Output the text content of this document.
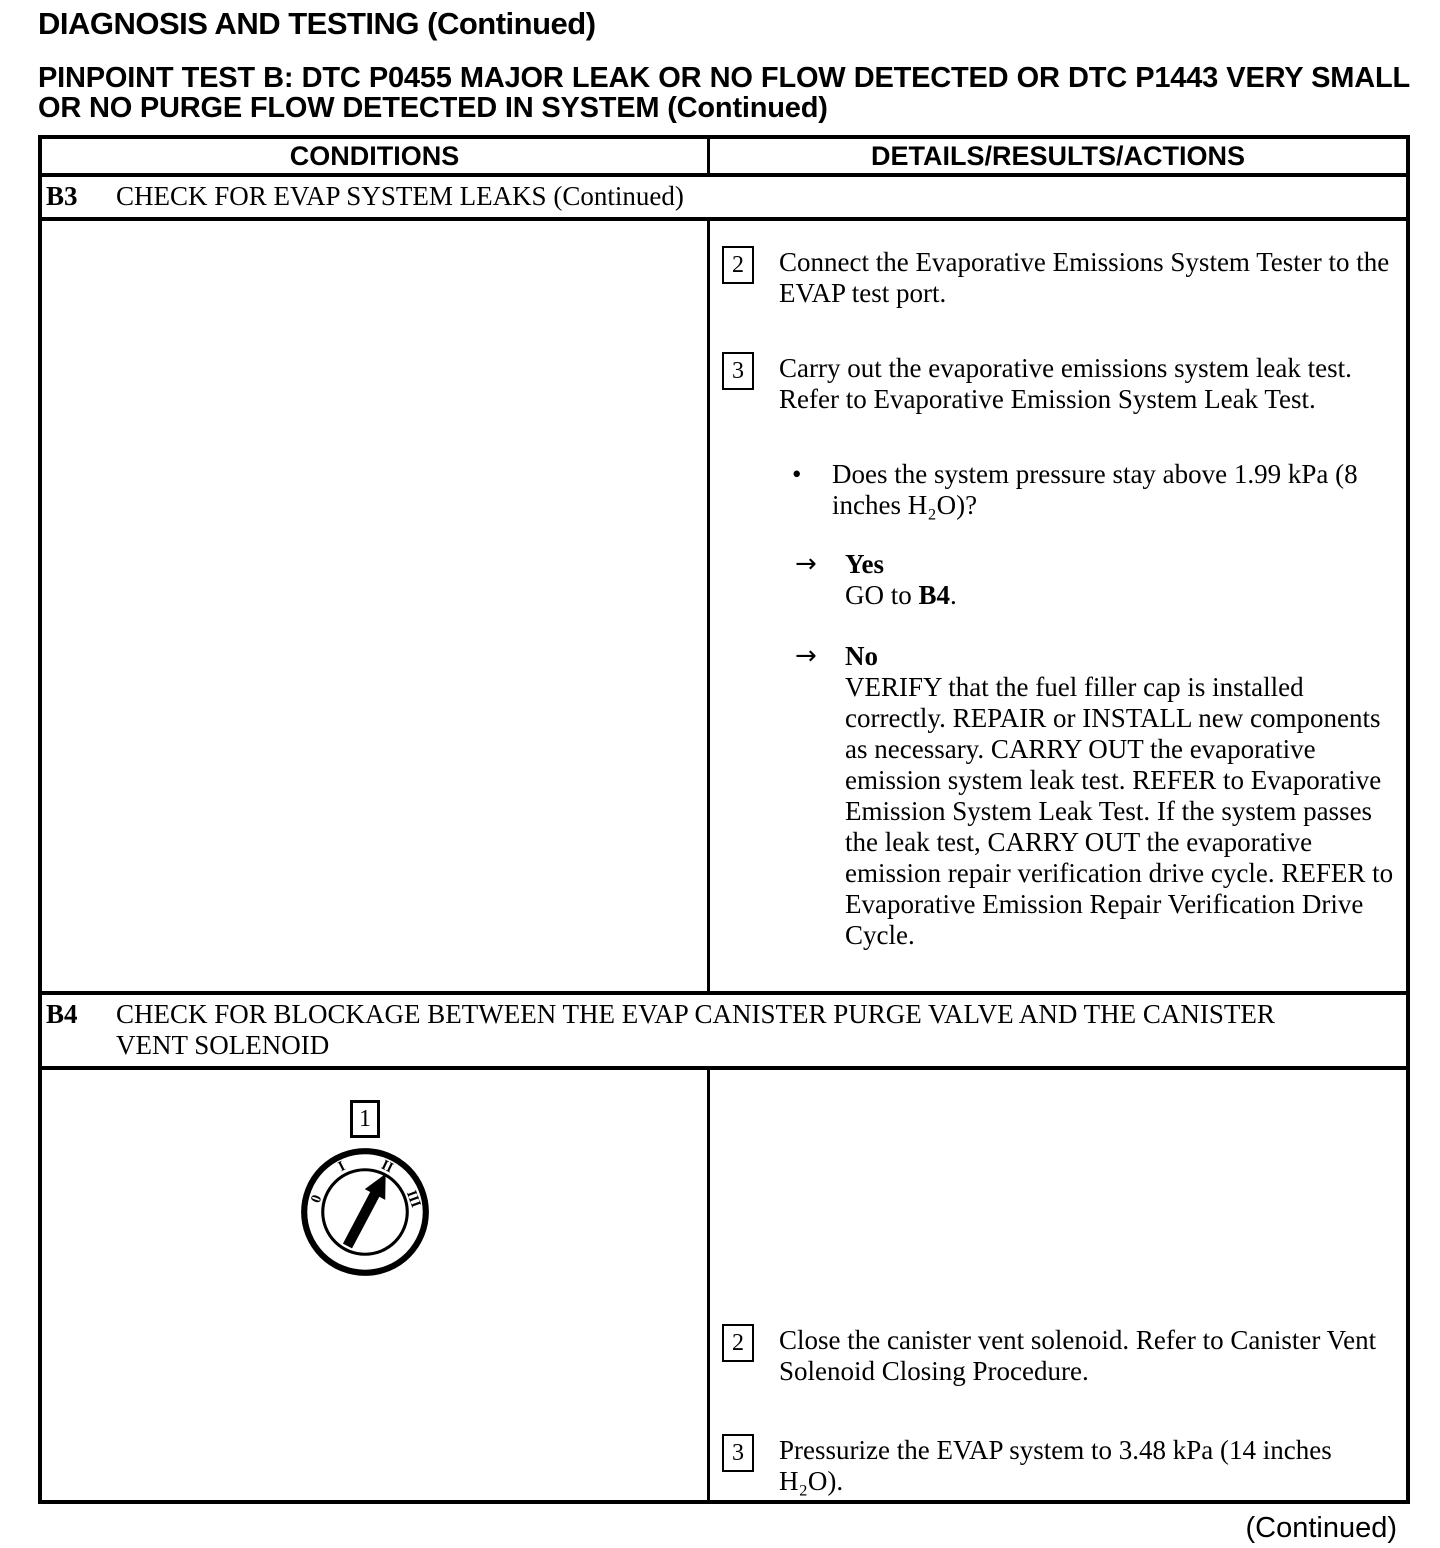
DIAGNOSIS AND TESTING (Continued)
PINPOINT TEST B: DTC P0455 MAJOR LEAK OR NO FLOW DETECTED OR DTC P1443 VERY SMALL OR NO PURGE FLOW DETECTED IN SYSTEM (Continued)
CONDITIONS	DETAILS/RESULTS/ACTIONS
B3	CHECK FOR EVAP SYSTEM LEAKS (Continued)
2	Connect the Evaporative Emissions System Tester to the EVAP test port.
3	Carry out the evaporative emissions system leak test. Refer to Evaporative Emission System Leak Test.
•	Does the system pressure stay above 1.99 kPa (8 inches H₂O)?
→	Yes
GO to B4.
→	No
VERIFY that the fuel filler cap is installed correctly. REPAIR or INSTALL new components as necessary. CARRY OUT the evaporative emission system leak test. REFER to Evaporative Emission System Leak Test. If the system passes the leak test, CARRY OUT the evaporative emission repair verification drive cycle. REFER to Evaporative Emission Repair Verification Drive Cycle.
B4	CHECK FOR BLOCKAGE BETWEEN THE EVAP CANISTER PURGE VALVE AND THE CANISTER VENT SOLENOID
1
0
I II
III
2	Close the canister vent solenoid. Refer to Canister Vent Solenoid Closing Procedure.
3	Pressurize the EVAP system to 3.48 kPa (14 inches H₂O).
(Continued)
